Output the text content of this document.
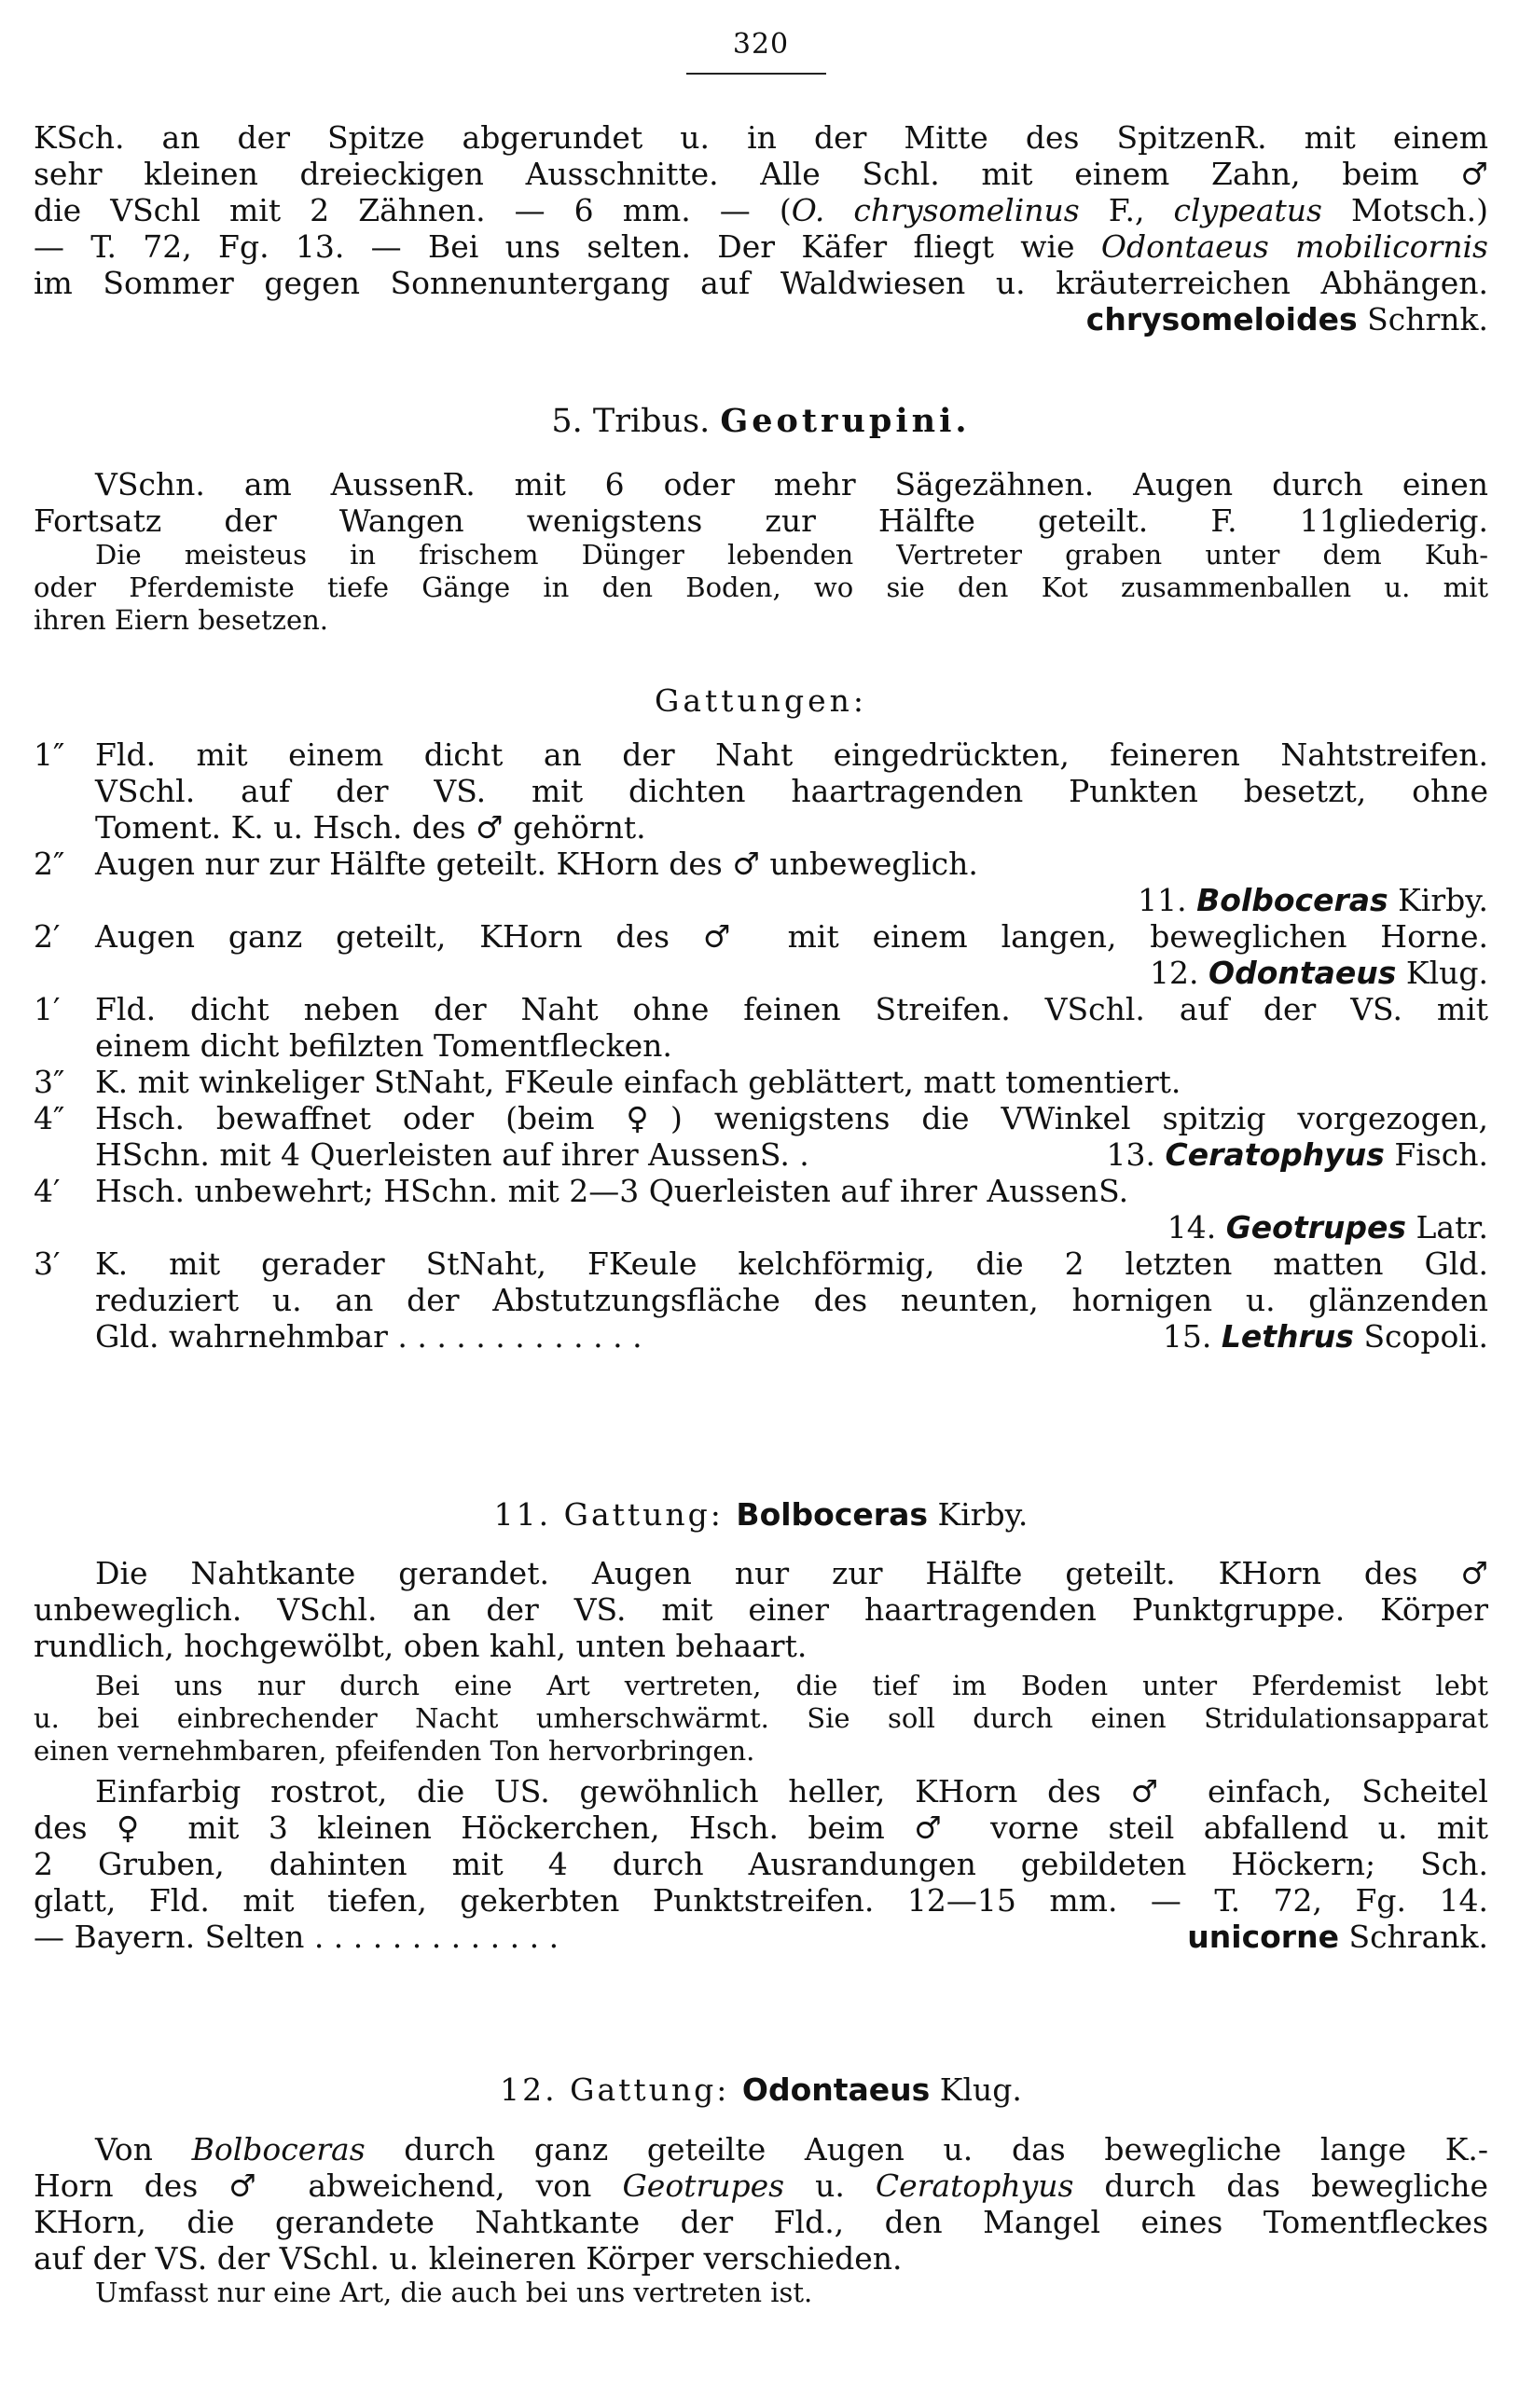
320
KSch. an der Spitze abgerundet u. in der Mitte des SpitzenR. mit einem
sehr kleinen dreieckigen Ausschnitte. Alle Schl. mit einem Zahn, beim ♂
die VSchl mit 2 Zähnen. — 6 mm. — (O. chrysomelinus F., clypeatus Motsch.)
— T. 72, Fg. 13. — Bei uns selten. Der Käfer fliegt wie Odontaeus mobilicornis
im Sommer gegen Sonnenuntergang auf Waldwiesen u. kräuterreichen Abhängen.
chrysomeloides Schrnk.
5. Tribus. Geotrupini.
VSchn. am AussenR. mit 6 oder mehr Sägezähnen. Augen durch einen
Fortsatz der Wangen wenigstens zur Hälfte geteilt. F. 11gliederig.
Die meisteus in frischem Dünger lebenden Vertreter graben unter dem Kuh-
oder Pferdemiste tiefe Gänge in den Boden, wo sie den Kot zusammenballen u. mit
ihren Eiern besetzen.
Gattungen:
1″ Fld. mit einem dicht an der Naht eingedrückten, feineren Nahtstreifen.
VSchl. auf der VS. mit dichten haartragenden Punkten besetzt, ohne
Toment. K. u. Hsch. des ♂ gehörnt.
2″ Augen nur zur Hälfte geteilt. KHorn des ♂ unbeweglich.
11. Bolboceras Kirby.
2′ Augen ganz geteilt, KHorn des ♂ mit einem langen, beweglichen Horne.
12. Odontaeus Klug.
1′ Fld. dicht neben der Naht ohne feinen Streifen. VSchl. auf der VS. mit
einem dicht befilzten Tomentflecken.
3″ K. mit winkeliger StNaht, FKeule einfach geblättert, matt tomentiert.
4″ Hsch. bewaffnet oder (beim ♀) wenigstens die VWinkel spitzig vorgezogen,
HSchn. mit 4 Querleisten auf ihrer AussenS. .	13. Ceratophyus Fisch.
4′ Hsch. unbewehrt; HSchn. mit 2—3 Querleisten auf ihrer AussenS.
14. Geotrupes Latr.
3′ K. mit gerader StNaht, FKeule kelchförmig, die 2 letzten matten Gld.
reduziert u. an der Abstutzungsfläche des neunten, hornigen u. glänzenden
Gld. wahrnehmbar . . . . . . . . . . . . .	15. Lethrus Scopoli.
11. Gattung: Bolboceras Kirby.
Die Nahtkante gerandet. Augen nur zur Hälfte geteilt. KHorn des ♂
unbeweglich. VSchl. an der VS. mit einer haartragenden Punktgruppe. Körper
rundlich, hochgewölbt, oben kahl, unten behaart.
Bei uns nur durch eine Art vertreten, die tief im Boden unter Pferdemist lebt
u. bei einbrechender Nacht umherschwärmt. Sie soll durch einen Stridulationsapparat
einen vernehmbaren, pfeifenden Ton hervorbringen.
Einfarbig rostrot, die US. gewöhnlich heller, KHorn des ♂ einfach, Scheitel
des ♀ mit 3 kleinen Höckerchen, Hsch. beim ♂ vorne steil abfallend u. mit
2 Gruben, dahinten mit 4 durch Ausrandungen gebildeten Höckern; Sch.
glatt, Fld. mit tiefen, gekerbten Punktstreifen. 12—15 mm. — T. 72, Fg. 14.
— Bayern. Selten . . . . . . . . . . . . .	unicorne Schrank.
12. Gattung: Odontaeus Klug.
Von Bolboceras durch ganz geteilte Augen u. das bewegliche lange K.-
Horn des ♂ abweichend, von Geotrupes u. Ceratophyus durch das bewegliche
KHorn, die gerandete Nahtkante der Fld., den Mangel eines Tomentfleckes
auf der VS. der VSchl. u. kleineren Körper verschieden.
Umfasst nur eine Art, die auch bei uns vertreten ist.
